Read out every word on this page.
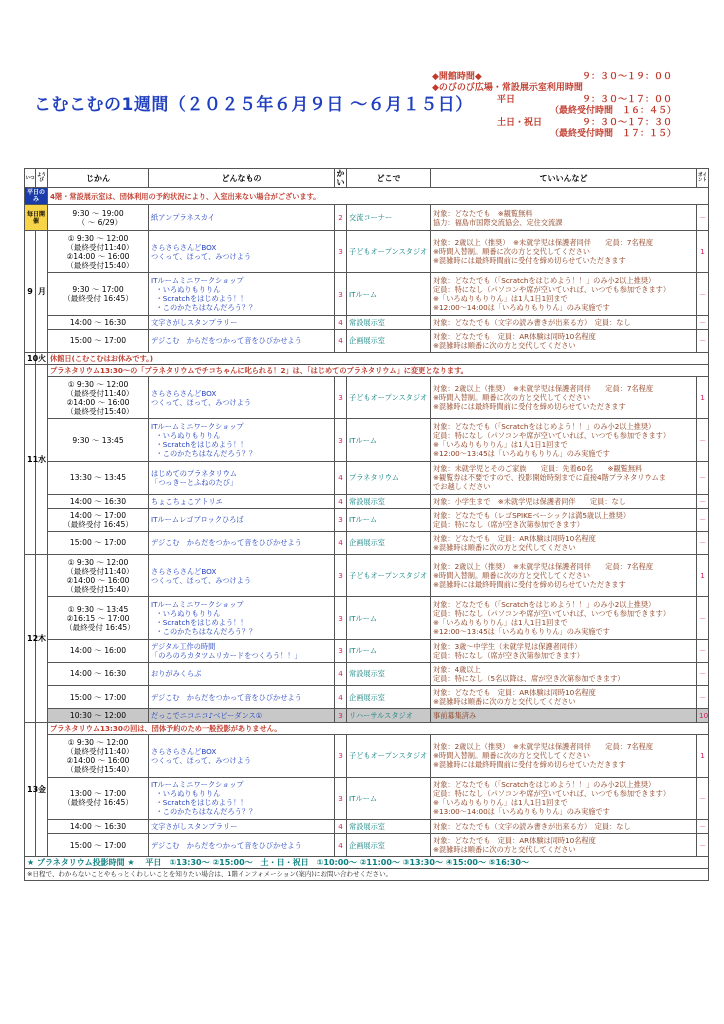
こむこむの1週間（２０２５年６月９日 ～６月１５日）
◆開館時間◆	９：３０～１９：００
◆のびのび広場・常設展示室利用時間
平日	９：３０～１７：００
（最終受付時間　１６：４５）
土日・祝日	９：３０～１７：３０
（最終受付時間　１７：１５）
いつ	ようび	じかん	どんなもの	かい	どこで	ていいんなど	ポイント
平日のみ		4階・常設展示室は、団体利用の予約状況により、入室出来ない場合がございます。					
毎日開催		9:30 ～ 19:00
　（ ～ 6/29）	紙アンプラネスカイ	2	交流コーナー	対象：どなたでも　※観覧無料
協力：福島市国際交流協会、定住交流課	－
9	月	① 9:30 ～ 12:00
　（最終受付11:40）
②14:00 ～ 16:00
　（最終受付15:40）	さらさらさんどBOX
つくって、ほって、みつけよう	3	子どもオープンスタジオ	対象：2歳以上（推奨）　※未就学児は保護者同伴　　定員：7名程度
※時間入替制。順番に次の方と交代してください
※混雑時には最終時間前に受付を締め切らせていただきます	1
		9:30 ～ 17:00
（最終受付 16:45）	ITルームミニワークショップ
・いろぬりもりりん
・Scratchをはじめよう！！
・このかたちはなんだろう？？	3	ITルーム	対象：どなたでも（「Scratchをはじめよう！！」のみ小2以上推奨）
定員：特になし（パソコンや席が空いていれば、いつでも参加できます）
※「いろぬりもりりん」は1人1日1回まで
※12:00～14:00は「いろぬりもりりん」のみ実施です	－
		14:00 ～ 16:30	文字さがしスタンプラリー	4	常設展示室	対象：どなたでも（文字の読み書きが出来る方）　定員：なし	－
		15:00 ～ 17:00	デジこむ　からだをつかって音をひびかせよう	4	企画展示室	対象：どなたでも　定員：AR体験は同時10名程度
※混雑時は順番に次の方と交代してください	－
10	火	休館日(こむこむはお休みです。)					
11	水	プラネタリウム13:30～の「プラネタリウムでチコちゃんに叱られる！2」は、「はじめてのプラネタリウム」に変更となります。					
		① 9:30 ～ 12:00
　（最終受付11:40）
②14:00 ～ 16:00
　（最終受付15:40）	さらさらさんどBOX
つくって、ほって、みつけよう	3	子どもオープンスタジオ	対象：2歳以上（推奨）　※未就学児は保護者同伴　　定員：7名程度
※時間入替制。順番に次の方と交代してください
※混雑時には最終時間前に受付を締め切らせていただきます	1
		9:30 ～ 13:45	ITルームミニワークショップ
・いろぬりもりりん
・Scratchをはじめよう！！
・このかたちはなんだろう？？	3	ITルーム	対象：どなたでも（「Scratchをはじめよう！！」のみ小2以上推奨）
定員：特になし（パソコンや席が空いていれば、いつでも参加できます）
※「いろぬりもりりん」は1人1日1回まで
※12:00～13:45は「いろぬりもりりん」のみ実施です	－
		13:30 ～ 13:45	はじめてのプラネタリウム
「つっきーとふねのたび」	4	プラネタリウム	対象：未就学児とそのご家族　　定員：先着60名　　※観覧無料
※観覧券は不要ですので、投影開始時刻までに直接4階プラネタリウムま
でお越しください	－
		14:00 ～ 16:30	ちょこちょこアトリエ	4	常設展示室	対象：小学生まで　※未就学児は保護者同伴　　定員：なし	－
		14:00 ～ 17:00
（最終受付 16:45）	ITルームレゴブロックひろば	3	ITルーム	対象：どなたでも（レゴSPIKEベーシックは満5歳以上推奨）
定員：特になし（席が空き次第参加できます）	－
		15:00 ～ 17:00	デジこむ　からだをつかって音をひびかせよう	4	企画展示室	対象：どなたでも　定員：AR体験は同時10名程度
※混雑時は順番に次の方と交代してください	－
12	木	① 9:30 ～ 12:00
　（最終受付11:40）
②14:00 ～ 16:00
　（最終受付15:40）	さらさらさんどBOX
つくって、ほって、みつけよう	3	子どもオープンスタジオ	対象：2歳以上（推奨）　※未就学児は保護者同伴　　定員：7名程度
※時間入替制。順番に次の方と交代してください
※混雑時には最終時間前に受付を締め切らせていただきます	1
		① 9:30 ～ 13:45
②16:15 ～ 17:00
　（最終受付 16:45）	ITルームミニワークショップ
・いろぬりもりりん
・Scratchをはじめよう！！
・このかたちはなんだろう？？	3	ITルーム	対象：どなたでも（「Scratchをはじめよう！！」のみ小2以上推奨）
定員：特になし（パソコンや席が空いていれば、いつでも参加できます）
※「いろぬりもりりん」は1人1日1回まで
※12:00～13:45は「いろぬりもりりん」のみ実施です	－
		14:00 ～ 16:00	デジタル工作の時間
「のろのろカタツムリカードをつくろう！！」	3	ITルーム	対象：3歳～中学生（未就学児は保護者同伴）
定員：特になし（席が空き次第参加できます）	－
		14:00 ～ 16:30	おりがみくらぶ	4	常設展示室	対象：4歳以上
定員：特になし（5名以降は、席が空き次第参加できます）	－
		15:00 ～ 17:00	デジこむ　からだをつかって音をひびかせよう	4	企画展示室	対象：どなたでも　定員：AR体験は同時10名程度
※混雑時は順番に次の方と交代してください	－
		10:30 ～ 12:00	だっこでニコニコ♪ベビーダンス①	3	リハーサルスタジオ	事前募集済み	10
13	金	プラネタリウム13:30の回は、団体予約のため一般投影がありません。					
		① 9:30 ～ 12:00
　（最終受付11:40）
②14:00 ～ 16:00
　（最終受付15:40）	さらさらさんどBOX
つくって、ほって、みつけよう	3	子どもオープンスタジオ	対象：2歳以上（推奨）　※未就学児は保護者同伴　　定員：7名程度
※時間入替制。順番に次の方と交代してください
※混雑時には最終時間前に受付を締め切らせていただきます	1
		13:00 ～ 17:00
（最終受付 16:45）	ITルームミニワークショップ
・いろぬりもりりん
・Scratchをはじめよう！！
・このかたちはなんだろう？？	3	ITルーム	対象：どなたでも（「Scratchをはじめよう！！」のみ小2以上推奨）
定員：特になし（パソコンや席が空いていれば、いつでも参加できます）
※「いろぬりもりりん」は1人1日1回まで
※13:00～14:00は「いろぬりもりりん」のみ実施です	－
		14:00 ～ 16:30	文字さがしスタンプラリー	4	常設展示室	対象：どなたでも（文字の読み書きが出来る方）　定員：なし	－
		15:00 ～ 17:00	デジこむ　からだをつかって音をひびかせよう	4	企画展示室	対象：どなたでも　定員：AR体験は同時10名程度
※混雑時は順番に次の方と交代してください	－
★ プラネタリウム投影時間 ★　 平日　①13:30～ ②15:00～　土・日・祝日　①10:00～ ②11:00～ ③13:30～ ④15:00～ ⑤16:30～							
※日程で、わからないことやもっとくわしいことを知りたい場合は、1階インフォメーション(案内)にお問い合わせください。							
